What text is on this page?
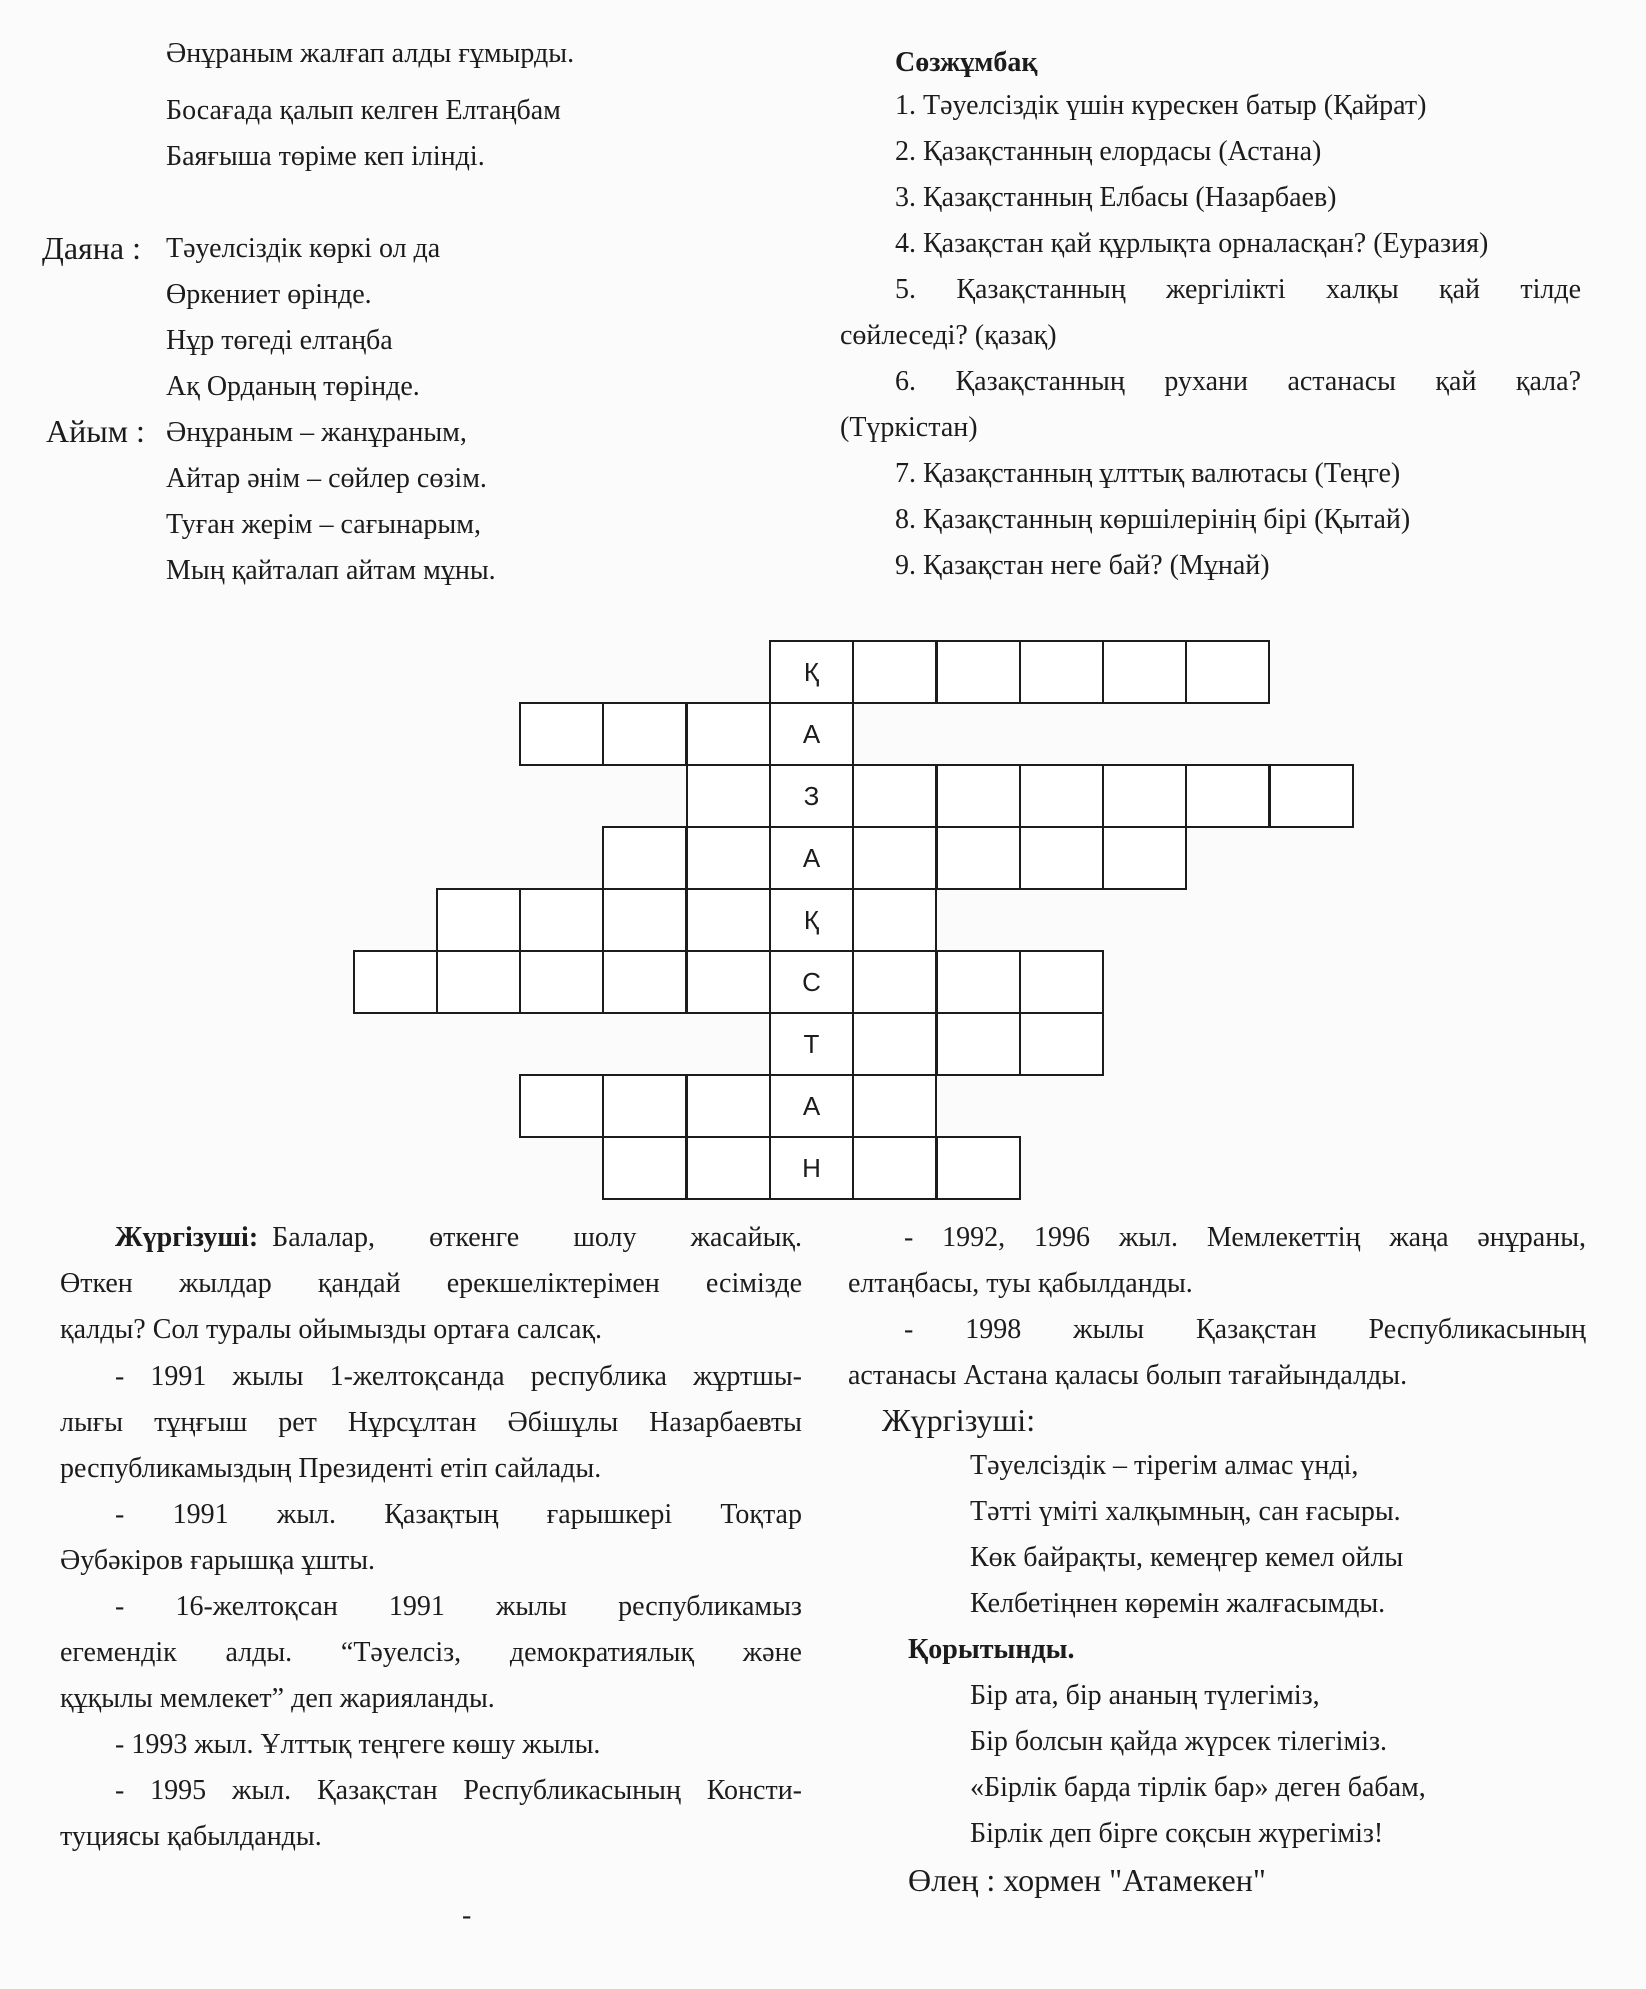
Әнұраным жалғап алды ғұмырды.
Босағада қалып келген Елтаңбам
Баяғыша төріме кеп ілінді.
Даяна : Тәуелсіздік көркі ол да
Өркениет өрінде.
Нұр төгеді елтаңба
Ақ Орданың төрінде.
Айым : Әнұраным – жанұраным,
Айтар әнім – сөйлер сөзім.
Туған жерім – сағынарым,
Мың қайталап айтам мұны.
Сөзжұмбақ
1. Тәуелсіздік үшін күрескен батыр (Қайрат)
2. Қазақстанның елордасы (Астана)
3. Қазақстанның Елбасы (Назарбаев)
4. Қазақстан қай құрлықта орналасқан? (Еуразия)
5. Қазақстанның жергілікті халқы қай тілде
сөйлеседі? (қазақ)
6. Қазақстанның рухани астанасы қай қала?
(Түркістан)
7. Қазақстанның ұлттық валютасы (Теңге)
8. Қазақстанның көршілерінің бірі (Қытай)
9. Қазақстан неге бай? (Мұнай)
Қ
А
З
А
Қ
С
Т
А
Н
Жүргізуші: Балалар, өткенге шолу жасайық.
Өткен жылдар қандай ерекшеліктерімен есімізде
қалды? Сол туралы ойымызды ортаға салсақ.
- 1991 жылы 1-желтоқсанда республика жұртшы-
лығы тұңғыш рет Нұрсұлтан Әбішұлы Назарбаевты
республикамыздың Президенті етіп сайлады.
- 1991 жыл. Қазақтың ғарышкері Тоқтар
Әубәкіров ғарышқа ұшты.
- 16-желтоқсан 1991 жылы республикамыз
егемендік алды. “Тәуелсіз, демократиялық және
құқылы мемлекет” деп жарияланды.
- 1993 жыл. Ұлттық теңгеге көшу жылы.
- 1995 жыл. Қазақстан Республикасының Консти-
туциясы қабылданды.
- 1992, 1996 жыл. Мемлекеттің жаңа әнұраны,
елтаңбасы, туы қабылданды.
- 1998 жылы Қазақстан Республикасының
астанасы Астана қаласы болып тағайындалды.
Жүргізуші:
Тәуелсіздік – тірегім алмас үнді,
Тәтті үміті халқымның, сан ғасыры.
Көк байрақты, кемеңгер кемел ойлы
Келбетіңнен көремін жалғасымды.
Қорытынды.
Бір ата, бір ананың түлегіміз,
Бір болсын қайда жүрсек тілегіміз.
«Бірлік барда тірлік бар» деген бабам,
Бірлік деп бірге соқсын жүрегіміз!
Өлең : хормен "Атамекен"
-
